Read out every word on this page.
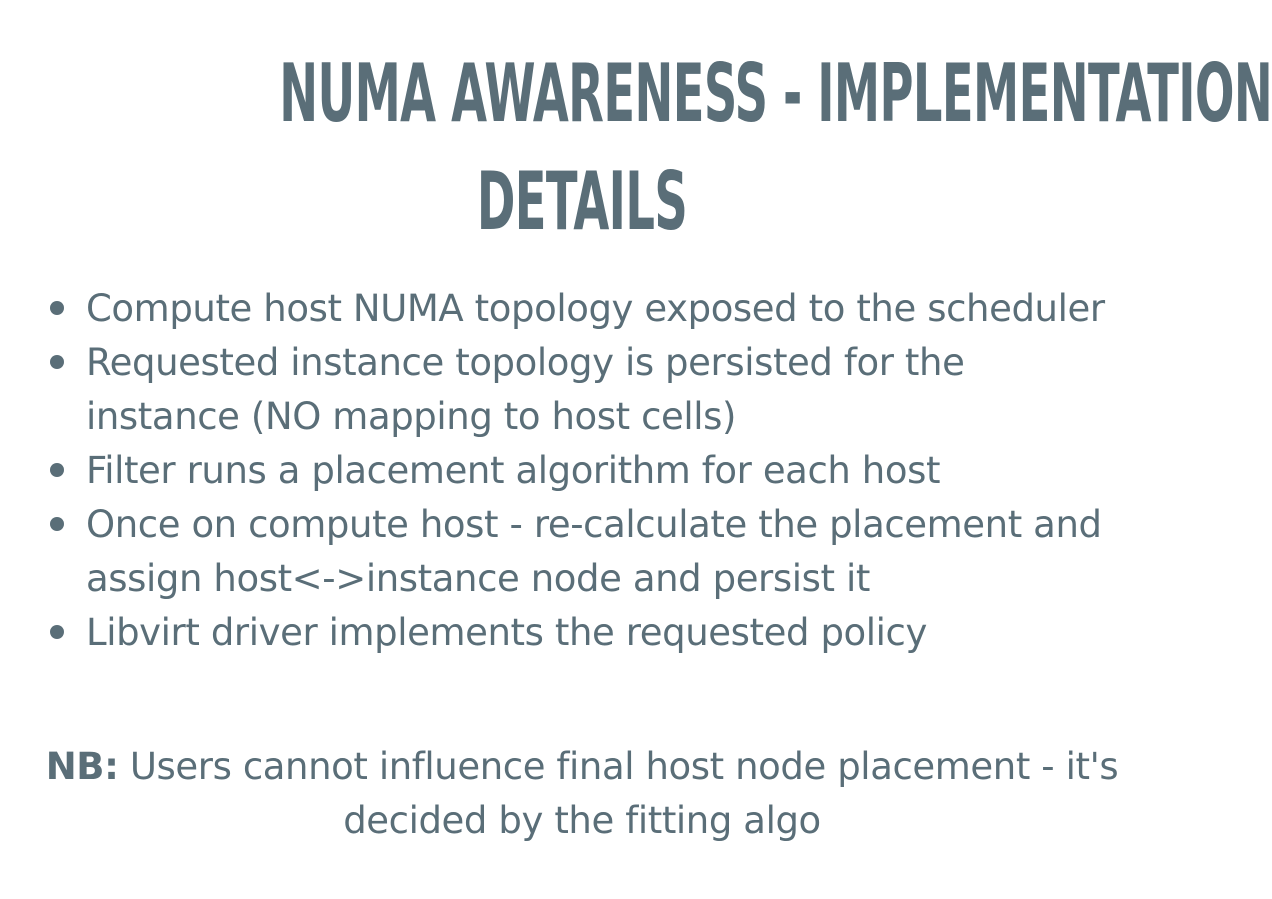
NUMA AWARENESS - IMPLEMENTATION
DETAILS
Compute host NUMA topology exposed to the scheduler
Requested instance topology is persisted for the instance (NO mapping to host cells)
Filter runs a placement algorithm for each host
Once on compute host - re-calculate the placement and assign host<->instance node and persist it
Libvirt driver implements the requested policy

NB: Users cannot influence final host node placement - it's decided by the fitting algo
